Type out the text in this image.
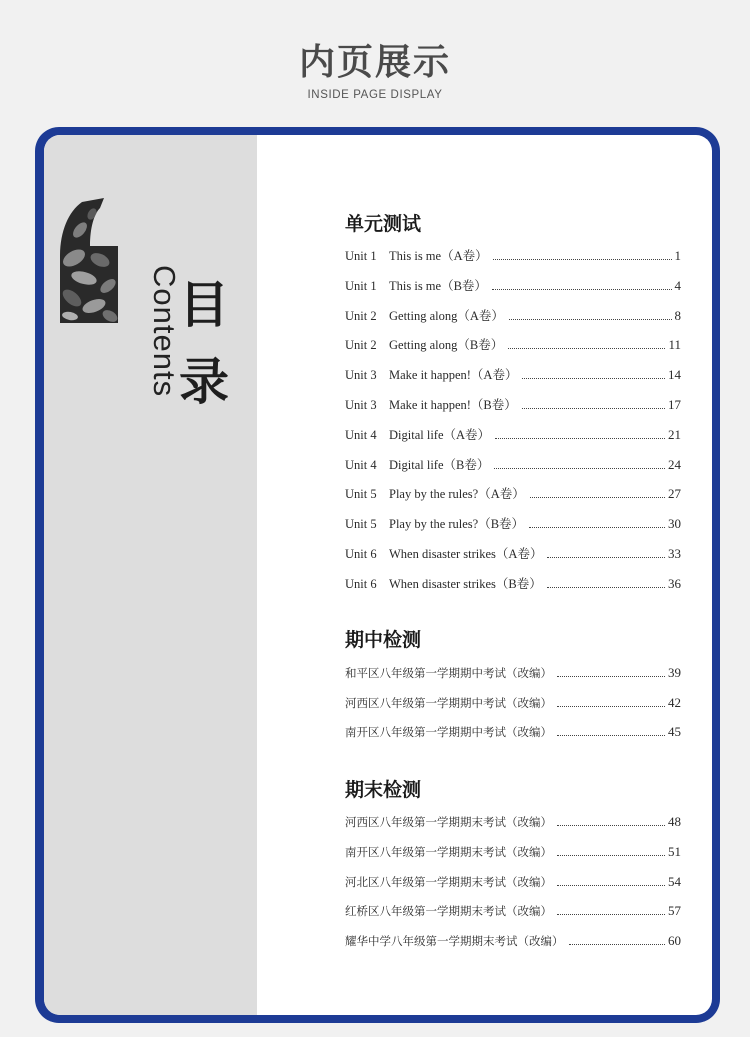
内页展示
INSIDE PAGE DISPLAY
Contents
目
录
单元测试
Unit 1 This is me（A卷）	1
Unit 1 This is me（B卷）	4
Unit 2 Getting along（A卷）	8
Unit 2 Getting along（B卷）	11
Unit 3 Make it happen!（A卷）	14
Unit 3 Make it happen!（B卷）	17
Unit 4 Digital life（A卷）	21
Unit 4 Digital life（B卷）	24
Unit 5 Play by the rules?（A卷）	27
Unit 5 Play by the rules?（B卷）	30
Unit 6 When disaster strikes（A卷）	33
Unit 6 When disaster strikes（B卷）	36
期中检测
和平区八年级第一学期期中考试（改编）	39
河西区八年级第一学期期中考试（改编）	42
南开区八年级第一学期期中考试（改编）	45
期末检测
河西区八年级第一学期期末考试（改编）	48
南开区八年级第一学期期末考试（改编）	51
河北区八年级第一学期期末考试（改编）	54
红桥区八年级第一学期期末考试（改编）	57
耀华中学八年级第一学期期末考试（改编）	60
